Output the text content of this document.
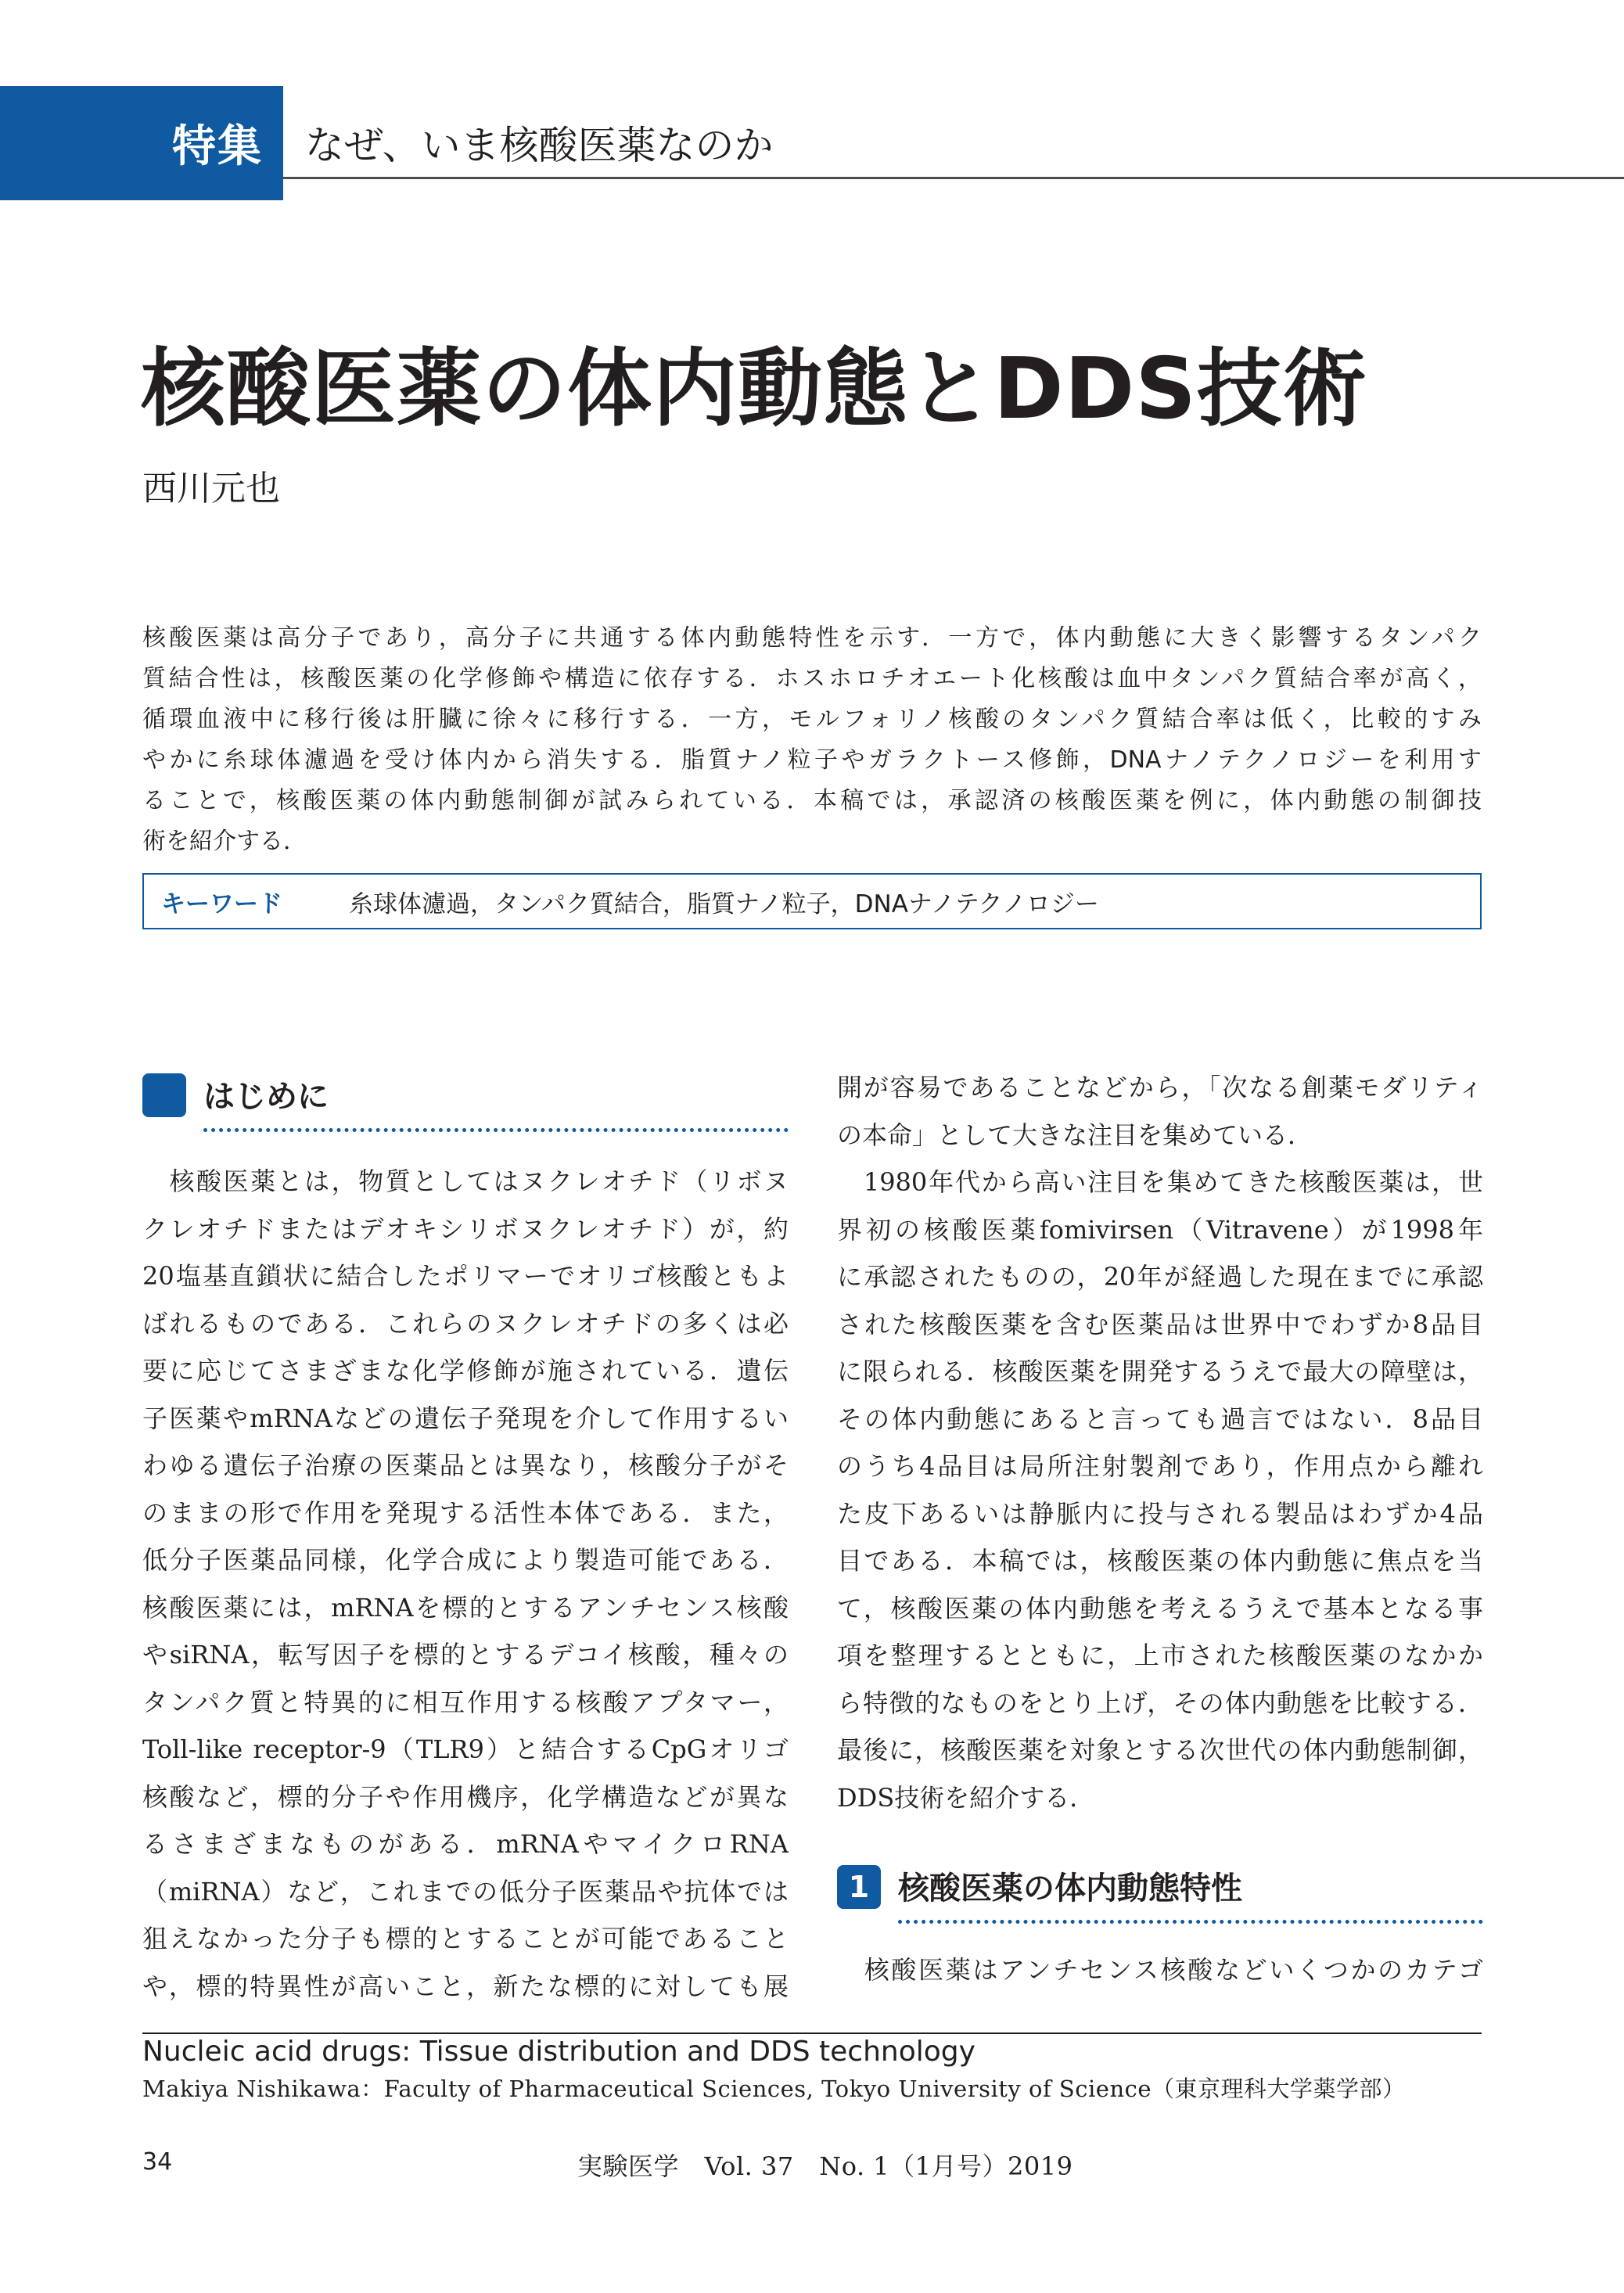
特集	なぜ、いま核酸医薬なのか
核酸医薬の体内動態とDDS技術
西川元也
核酸医薬は高分子であり，高分子に共通する体内動態特性を示す．一方で，体内動態に大きく影響するタンパク
質結合性は，核酸医薬の化学修飾や構造に依存する．ホスホロチオエート化核酸は血中タンパク質結合率が高く，
循環血液中に移行後は肝臓に徐々に移行する．一方，モルフォリノ核酸のタンパク質結合率は低く，比較的すみ
やかに糸球体濾過を受け体内から消失する．脂質ナノ粒子やガラクトース修飾，DNAナノテクノロジーを利用す
ることで，核酸医薬の体内動態制御が試みられている．本稿では，承認済の核酸医薬を例に，体内動態の制御技
術を紹介する．
キーワード	糸球体濾過，タンパク質結合，脂質ナノ粒子，DNAナノテクノロジー
はじめに
　核酸医薬とは，物質としてはヌクレオチド（リボヌ
クレオチドまたはデオキシリボヌクレオチド）が，約
20塩基直鎖状に結合したポリマーでオリゴ核酸ともよ
ばれるものである．これらのヌクレオチドの多くは必
要に応じてさまざまな化学修飾が施されている．遺伝
子医薬やmRNAなどの遺伝子発現を介して作用するい
わゆる遺伝子治療の医薬品とは異なり，核酸分子がそ
のままの形で作用を発現する活性本体である．また，
低分子医薬品同様，化学合成により製造可能である．
核酸医薬には，mRNAを標的とするアンチセンス核酸
やsiRNA，転写因子を標的とするデコイ核酸，種々の
タンパク質と特異的に相互作用する核酸アプタマー，
Toll-like receptor-9（TLR9）と結合するCpGオリゴ
核酸など，標的分子や作用機序，化学構造などが異な
るさまざまなものがある．mRNAやマイクロRNA
（miRNA）など，これまでの低分子医薬品や抗体では
狙えなかった分子も標的とすることが可能であること
や，標的特異性が高いこと，新たな標的に対しても展
開が容易であることなどから，「次なる創薬モダリティ
の本命」として大きな注目を集めている．
　1980年代から高い注目を集めてきた核酸医薬は，世
界初の核酸医薬fomivirsen（Vitravene）が1998年
に承認されたものの，20年が経過した現在までに承認
された核酸医薬を含む医薬品は世界中でわずか8品目
に限られる．核酸医薬を開発するうえで最大の障壁は，
その体内動態にあると言っても過言ではない．8品目
のうち4品目は局所注射製剤であり，作用点から離れ
た皮下あるいは静脈内に投与される製品はわずか4品
目である．本稿では，核酸医薬の体内動態に焦点を当
て，核酸医薬の体内動態を考えるうえで基本となる事
項を整理するとともに，上市された核酸医薬のなかか
ら特徴的なものをとり上げ，その体内動態を比較する．
最後に，核酸医薬を対象とする次世代の体内動態制御，
DDS技術を紹介する．
1 核酸医薬の体内動態特性
　核酸医薬はアンチセンス核酸などいくつかのカテゴ
Nucleic acid drugs: Tissue distribution and DDS technology
Makiya Nishikawa：Faculty of Pharmaceutical Sciences, Tokyo University of Science（東京理科大学薬学部）
34	実験医学　Vol. 37　No. 1（1月号）2019
